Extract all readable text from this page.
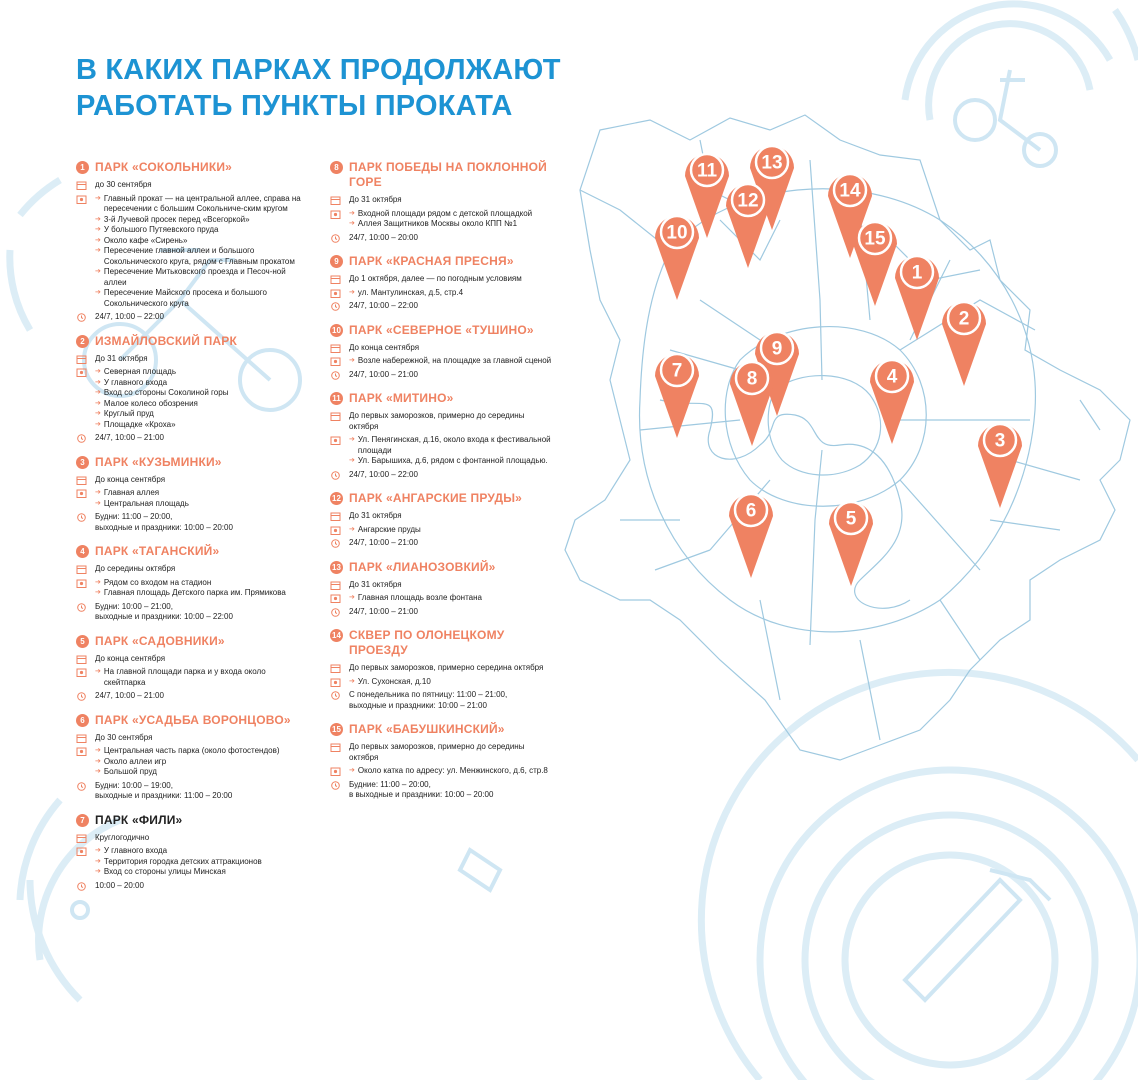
В КАКИХ ПАРКАХ ПРОДОЛЖАЮТ РАБОТАТЬ ПУНКТЫ ПРОКАТА
1 ПАРК «СОКОЛЬНИКИ»
до 30 сентября
➔ Главный прокат — на центральной аллее, справа на пересечении с большим Сокольниче-ским кругом
➔ 3-й Лучевой просек перед «Всегоркой»
➔ У большого Путяевского пруда
➔ Около кафе «Сирень»
➔ Пересечение главной аллеи и большого Сокольнического круга, рядом с Главным прокатом
➔ Пересечение Митьковского проезда и Песоч-ной аллеи
➔ Пересечение Майского просека и большого Сокольнического круга
24/7, 10:00 – 22:00
2 ИЗМАЙЛОВСКИЙ ПАРК
До 31 октября
➔ Северная площадь
➔ У главного входа
➔ Вход со стороны Соколиной горы
➔ Малое колесо обозрения
➔ Круглый пруд
➔ Площадке «Кроха»
24/7, 10:00 – 21:00
3 ПАРК «КУЗЬМИНКИ»
До конца сентября
➔ Главная аллея
➔ Центральная площадь
Будни: 11:00 – 20:00,
выходные и праздники: 10:00 – 20:00
4 ПАРК «ТАГАНСКИЙ»
До середины октября
➔ Рядом со входом на стадион
➔ Главная площадь Детского парка им. Прямикова
Будни: 10:00 – 21:00,
выходные и праздники: 10:00 – 22:00
5 ПАРК «САДОВНИКИ»
До конца сентября
➔ На главной площади парка и у входа около скейтпарка
24/7, 10:00 – 21:00
6 ПАРК «УСАДЬБА ВОРОНЦОВО»
До 30 сентября
➔ Центральная часть парка (около фотостендов)
➔ Около аллеи игр
➔ Большой пруд
Будни: 10:00 – 19:00,
выходные и праздники: 11:00 – 20:00
7 ПАРК «ФИЛИ»
Круглогодично
➔ У главного входа
➔ Территория городка детских аттракционов
➔ Вход со стороны улицы Минская
10:00 – 20:00
8 ПАРК ПОБЕДЫ НА ПОКЛОННОЙ ГОРЕ
До 31 октября
➔ Входной площади рядом с детской площадкой
➔ Аллея Защитников Москвы около КПП №1
24/7, 10:00 – 20:00
9 ПАРК «КРАСНАЯ ПРЕСНЯ»
До 1 октября, далее — по погодным условиям
➔ ул. Мантулинская, д.5, стр.4
24/7, 10:00 – 22:00
10 ПАРК «СЕВЕРНОЕ «ТУШИНО»
До конца сентября
➔ Возле набережной, на площадке за главной сценой
24/7, 10:00 – 21:00
11 ПАРК «МИТИНО»
До первых заморозков, примерно до середины октября
➔ Ул. Пенягинская, д.16, около входа к фестивальной площади
➔ Ул. Барышиха, д.6, рядом с фонтанной площадью.
24/7, 10:00 – 22:00
12 ПАРК «АНГАРСКИЕ ПРУДЫ»
До 31 октября
➔ Ангарские пруды
24/7, 10:00 – 21:00
13 ПАРК «ЛИАНОЗОВКИЙ»
До 31 октября
➔ Главная площадь возле фонтана
24/7, 10:00 – 21:00
14 СКВЕР ПО ОЛОНЕЦКОМУ ПРОЕЗДУ
До первых заморозков, примерно середина октября
➔ Ул. Сухонская, д.10
С понедельника по пятницу: 11:00 – 21:00,
выходные и праздники: 10:00 – 21:00
15 ПАРК «БАБУШКИНСКИЙ»
До первых заморозков, примерно до середины октября
➔ Около катка по адресу: ул. Менжинского, д.6, стр.8
Будние: 11:00 – 20:00,
в выходные и праздники: 10:00 – 20:00
11 13
12	14
10	15
1
2
7
9
8	4
3
6	5
